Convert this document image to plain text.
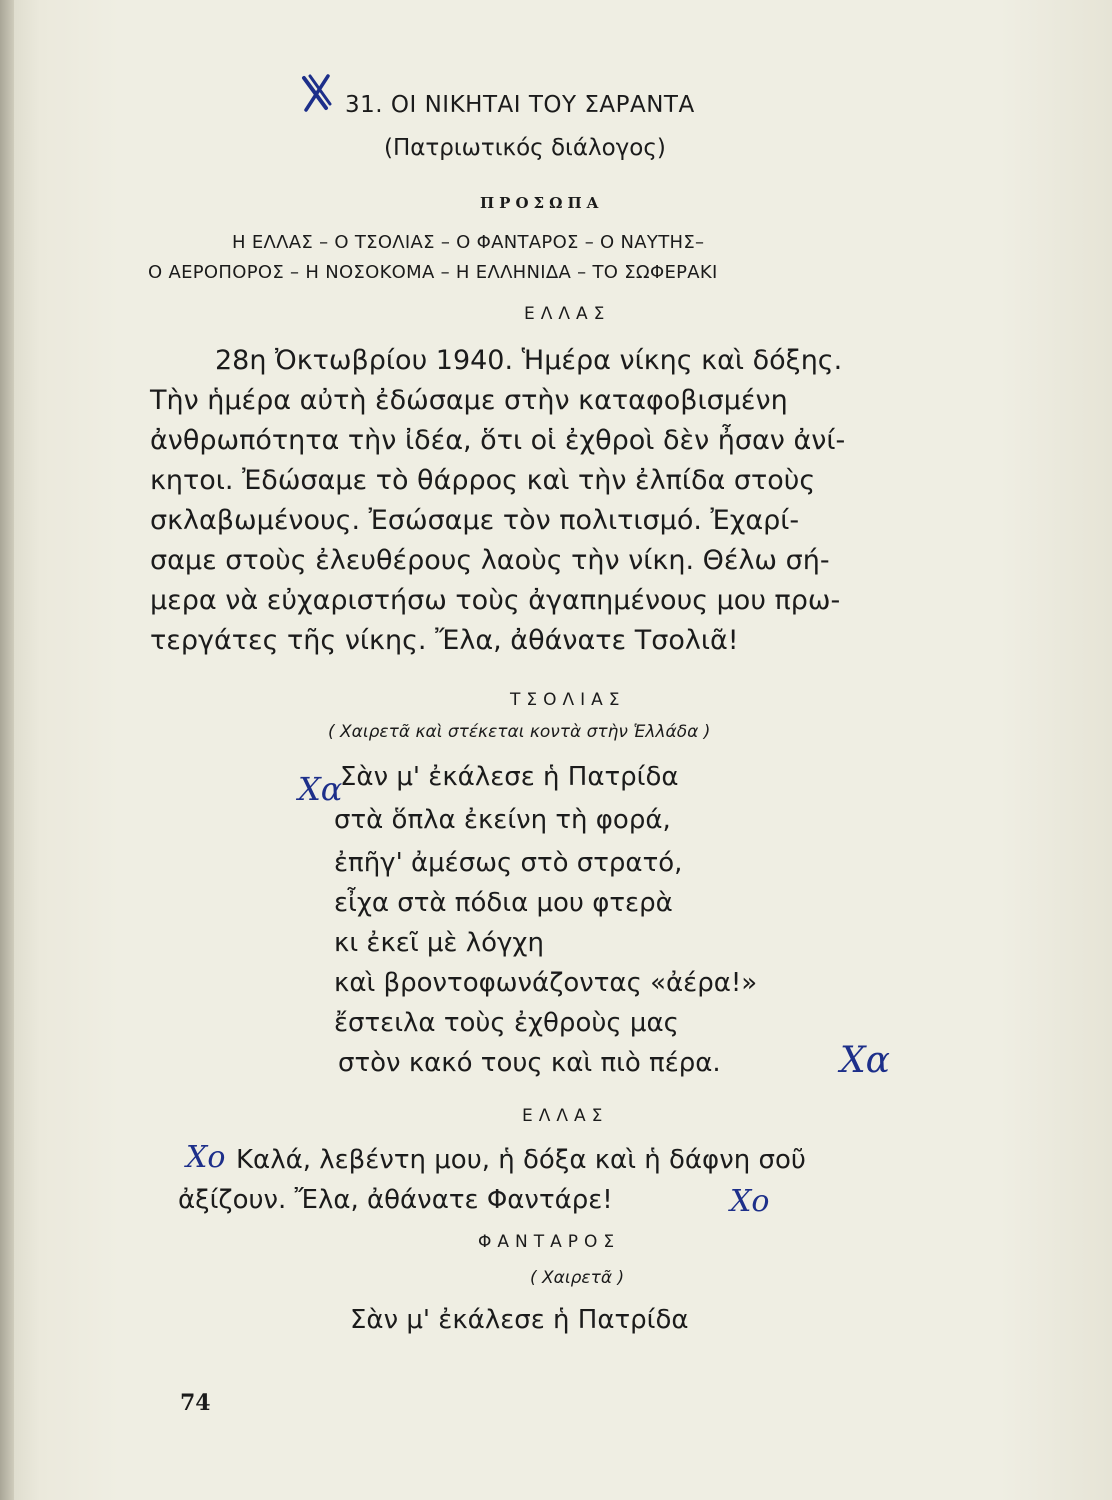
31. ΟΙ ΝΙΚΗΤΑΙ ΤΟΥ ΣΑΡΑΝΤΑ
(Πατριωτικός διάλογος)
ΠΡΟΣΩΠΑ
Η ΕΛΛΑΣ – Ο ΤΣΟΛΙΑΣ – Ο ΦΑΝΤΑΡΟΣ – Ο ΝΑΥΤΗΣ–
Ο ΑΕΡΟΠΟΡΟΣ – Η ΝΟΣΟΚΟΜΑ – Η ΕΛΛΗΝΙΔΑ – ΤΟ ΣΩΦΕΡΑΚΙ
ΕΛΛΑΣ
28η Ὀκτωβρίου 1940. Ἡμέρα νίκης καὶ δόξης.
Τὴν ἡμέρα αὐτὴ ἐδώσαμε στὴν καταφοβισμένη
ἀνθρωπότητα τὴν ἰδέα, ὅτι οἱ ἐχθροὶ δὲν ἦσαν ἀνί-
κητοι. Ἐδώσαμε τὸ θάρρος καὶ τὴν ἐλπίδα στοὺς
σκλαβωμένους. Ἐσώσαμε τὸν πολιτισμό. Ἐχαρί-
σαμε στοὺς ἐλευθέρους λαοὺς τὴν νίκη. Θέλω σή-
μερα νὰ εὐχαριστήσω τοὺς ἀγαπημένους μου πρω-
τεργάτες τῆς νίκης. Ἔλα, ἀθάνατε Τσολιᾶ!
ΤΣΟΛΙΑΣ
( Χαιρετᾶ καὶ στέκεται κοντὰ στὴν Ἑλλάδα )
Χα
Σὰν μ' ἐκάλεσε ἡ Πατρίδα
στὰ ὅπλα ἐκείνη τὴ φορά,
ἐπῆγ' ἀμέσως στὸ στρατό,
εἶχα στὰ πόδια μου φτερὰ
κι ἐκεῖ μὲ λόγχη
καὶ βροντοφωνάζοντας «ἀέρα!»
ἔστειλα τοὺς ἐχθροὺς μας
στὸν κακό τους καὶ πιὸ πέρα.	Χα
ΕΛΛΑΣ
Χο Καλά, λεβέντη μου, ἡ δόξα καὶ ἡ δάφνη σοῦ
ἀξίζουν. Ἔλα, ἀθάνατε Φαντάρε!	Χο
ΦΑΝΤΑΡΟΣ
( Χαιρετᾶ )
Σὰν μ' ἐκάλεσε ἡ Πατρίδα
74
